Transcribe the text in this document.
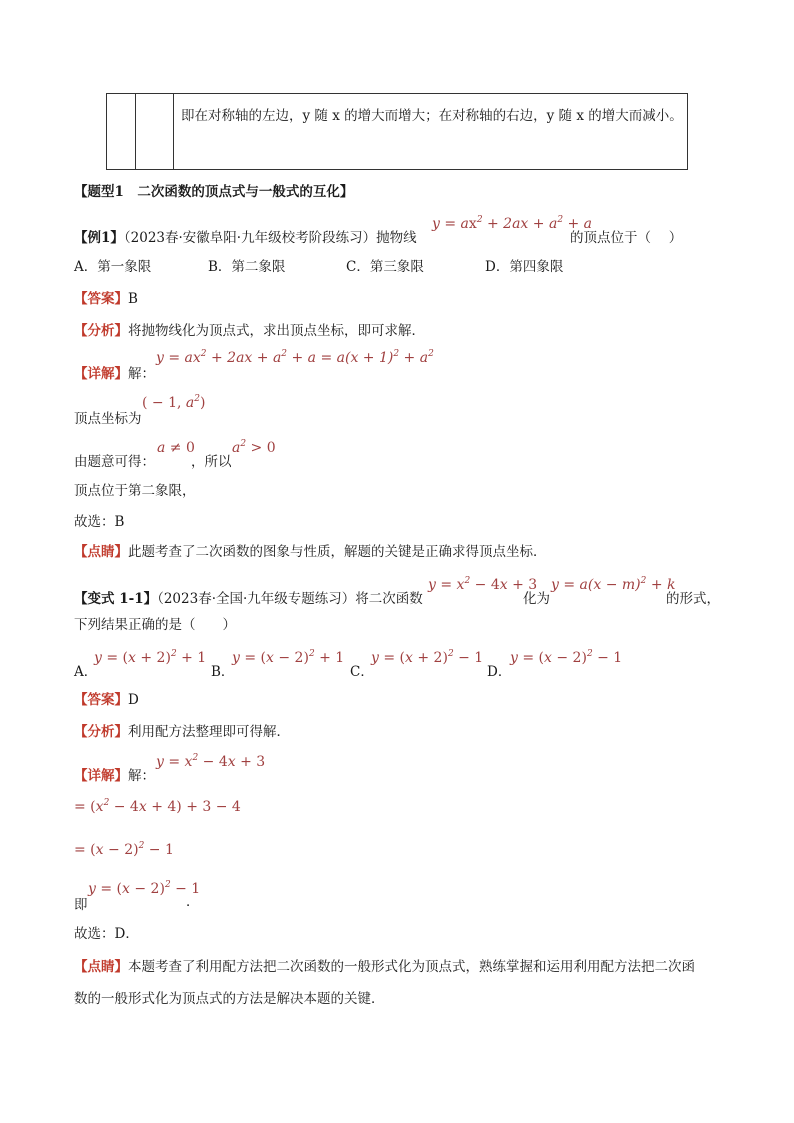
即在对称轴的左边，y 随 x 的增大而增大；在对称轴的右边，y 随 x 的增大而减小。
【题型1　二次函数的顶点式与一般式的互化】
【例1】（2023春·安徽阜阳·九年级校考阶段练习）抛物线
$y = ax^2 + 2ax + a^2 + a$
的顶点位于（　 ）
A．第一象限	B．第二象限	C．第三象限	D．第四象限
【答案】B
【分析】将抛物线化为顶点式，求出顶点坐标，即可求解．
【详解】解：
$y = ax^2 + 2ax + a^2 + a = a(x + 1)^2 + a^2$
顶点坐标为
( − 1, $a^2$)
由题意可得：
a ≠ 0
，所以
$a^2 > 0$
顶点位于第二象限，
故选：B
【点睛】此题考查了二次函数的图象与性质，解题的关键是正确求得顶点坐标．
【变式 1-1】（2023春·全国·九年级专题练习）将二次函数
$y = x^2 - 4x + 3$
化为
$y = a(x - m)^2 + k$
的形式，
下列结果正确的是（　　）
A．
$y = (x + 2)^2 + 1$
B．
$y = (x - 2)^2 + 1$
C．
$y = (x + 2)^2 - 1$
D．
$y = (x - 2)^2 - 1$
【答案】D
【分析】利用配方法整理即可得解．
【详解】解：
$y = x^2 - 4x + 3$
= $(x^2 - 4x + 4) + 3 - 4$
= $(x - 2)^2 - 1$
即
$y = (x - 2)^2 - 1$
．
故选：D．
【点睛】本题考查了利用配方法把二次函数的一般形式化为顶点式，熟练掌握和运用利用配方法把二次函
数的一般形式化为顶点式的方法是解决本题的关键．
